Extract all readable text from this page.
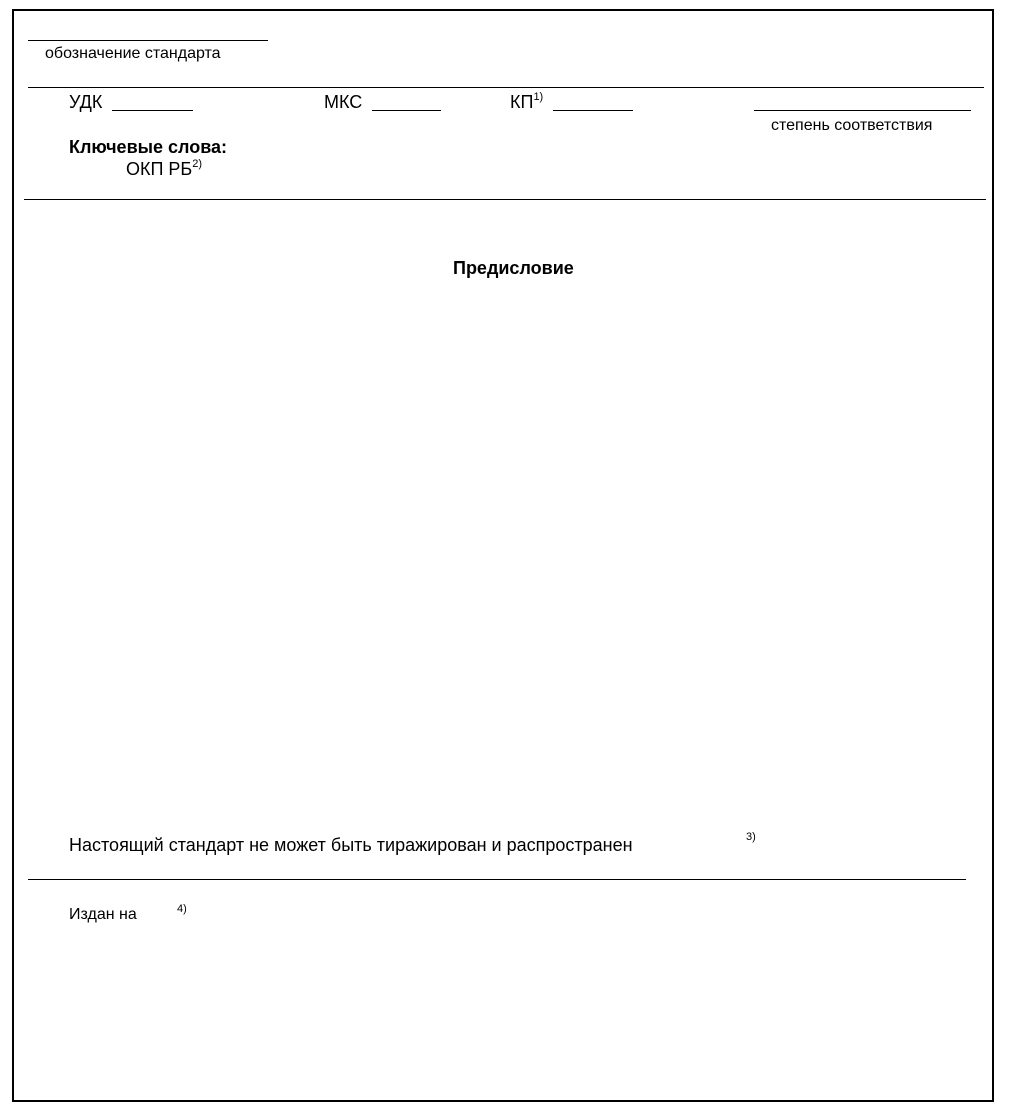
обозначение стандарта
УДК	МКС	КП$^{1)}$
степень соответствия
Ключевые слова:
ОКП РБ$^{2)}$
Предисловие
Настоящий стандарт не может быть тиражирован и распространен	3)
Издан на	4)
